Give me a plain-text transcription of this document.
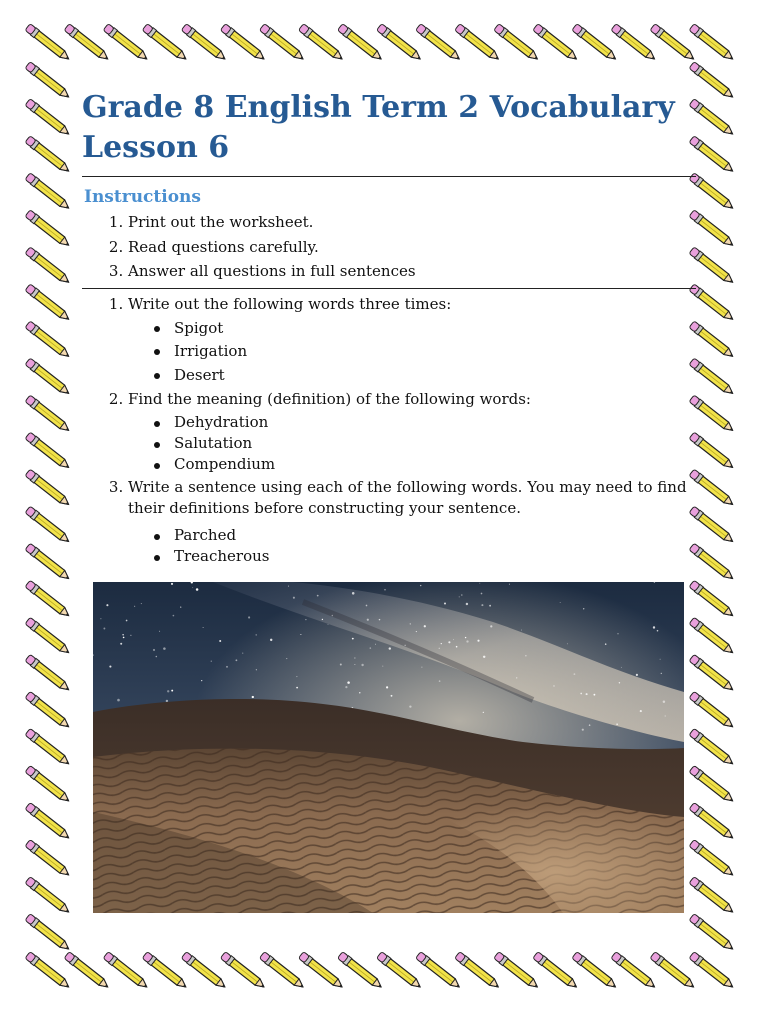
Grade 8 English Term 2 Vocabulary
Lesson 6
Instructions
1. Print out the worksheet.
2. Read questions carefully.
3. Answer all questions in full sentences
1. Write out the following words three times:
Spigot
Irrigation
Desert
2. Find the meaning (definition) of the following words:
Dehydration
Salutation
Compendium
3. Write a sentence using each of the following words. You may need to find their definitions before constructing your sentence.
Parched
Treacherous
